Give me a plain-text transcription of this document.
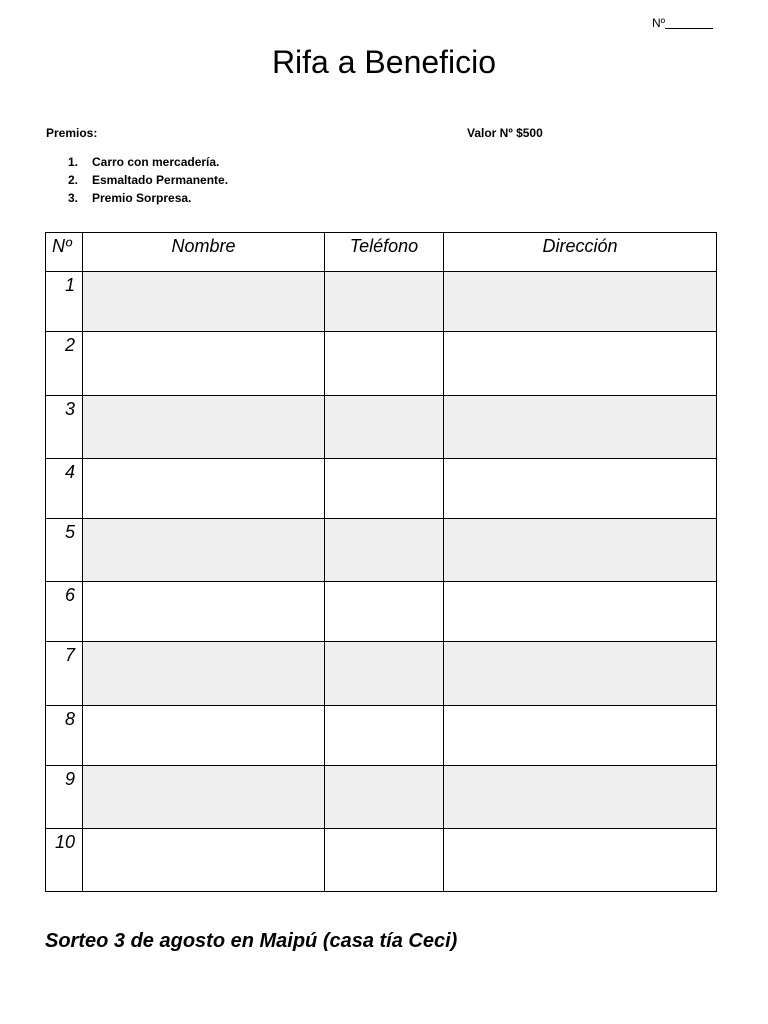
Nº
Rifa a Beneficio
Premios:	Valor Nº $500
1.	Carro con mercadería.
2.	Esmaltado Permanente.
3.	Premio Sorpresa.
Nº	Nombre	Teléfono	Dirección
1			
2			
3			
4			
5			
6			
7			
8			
9			
10			
Sorteo 3 de agosto en Maipú (casa tía Ceci)
